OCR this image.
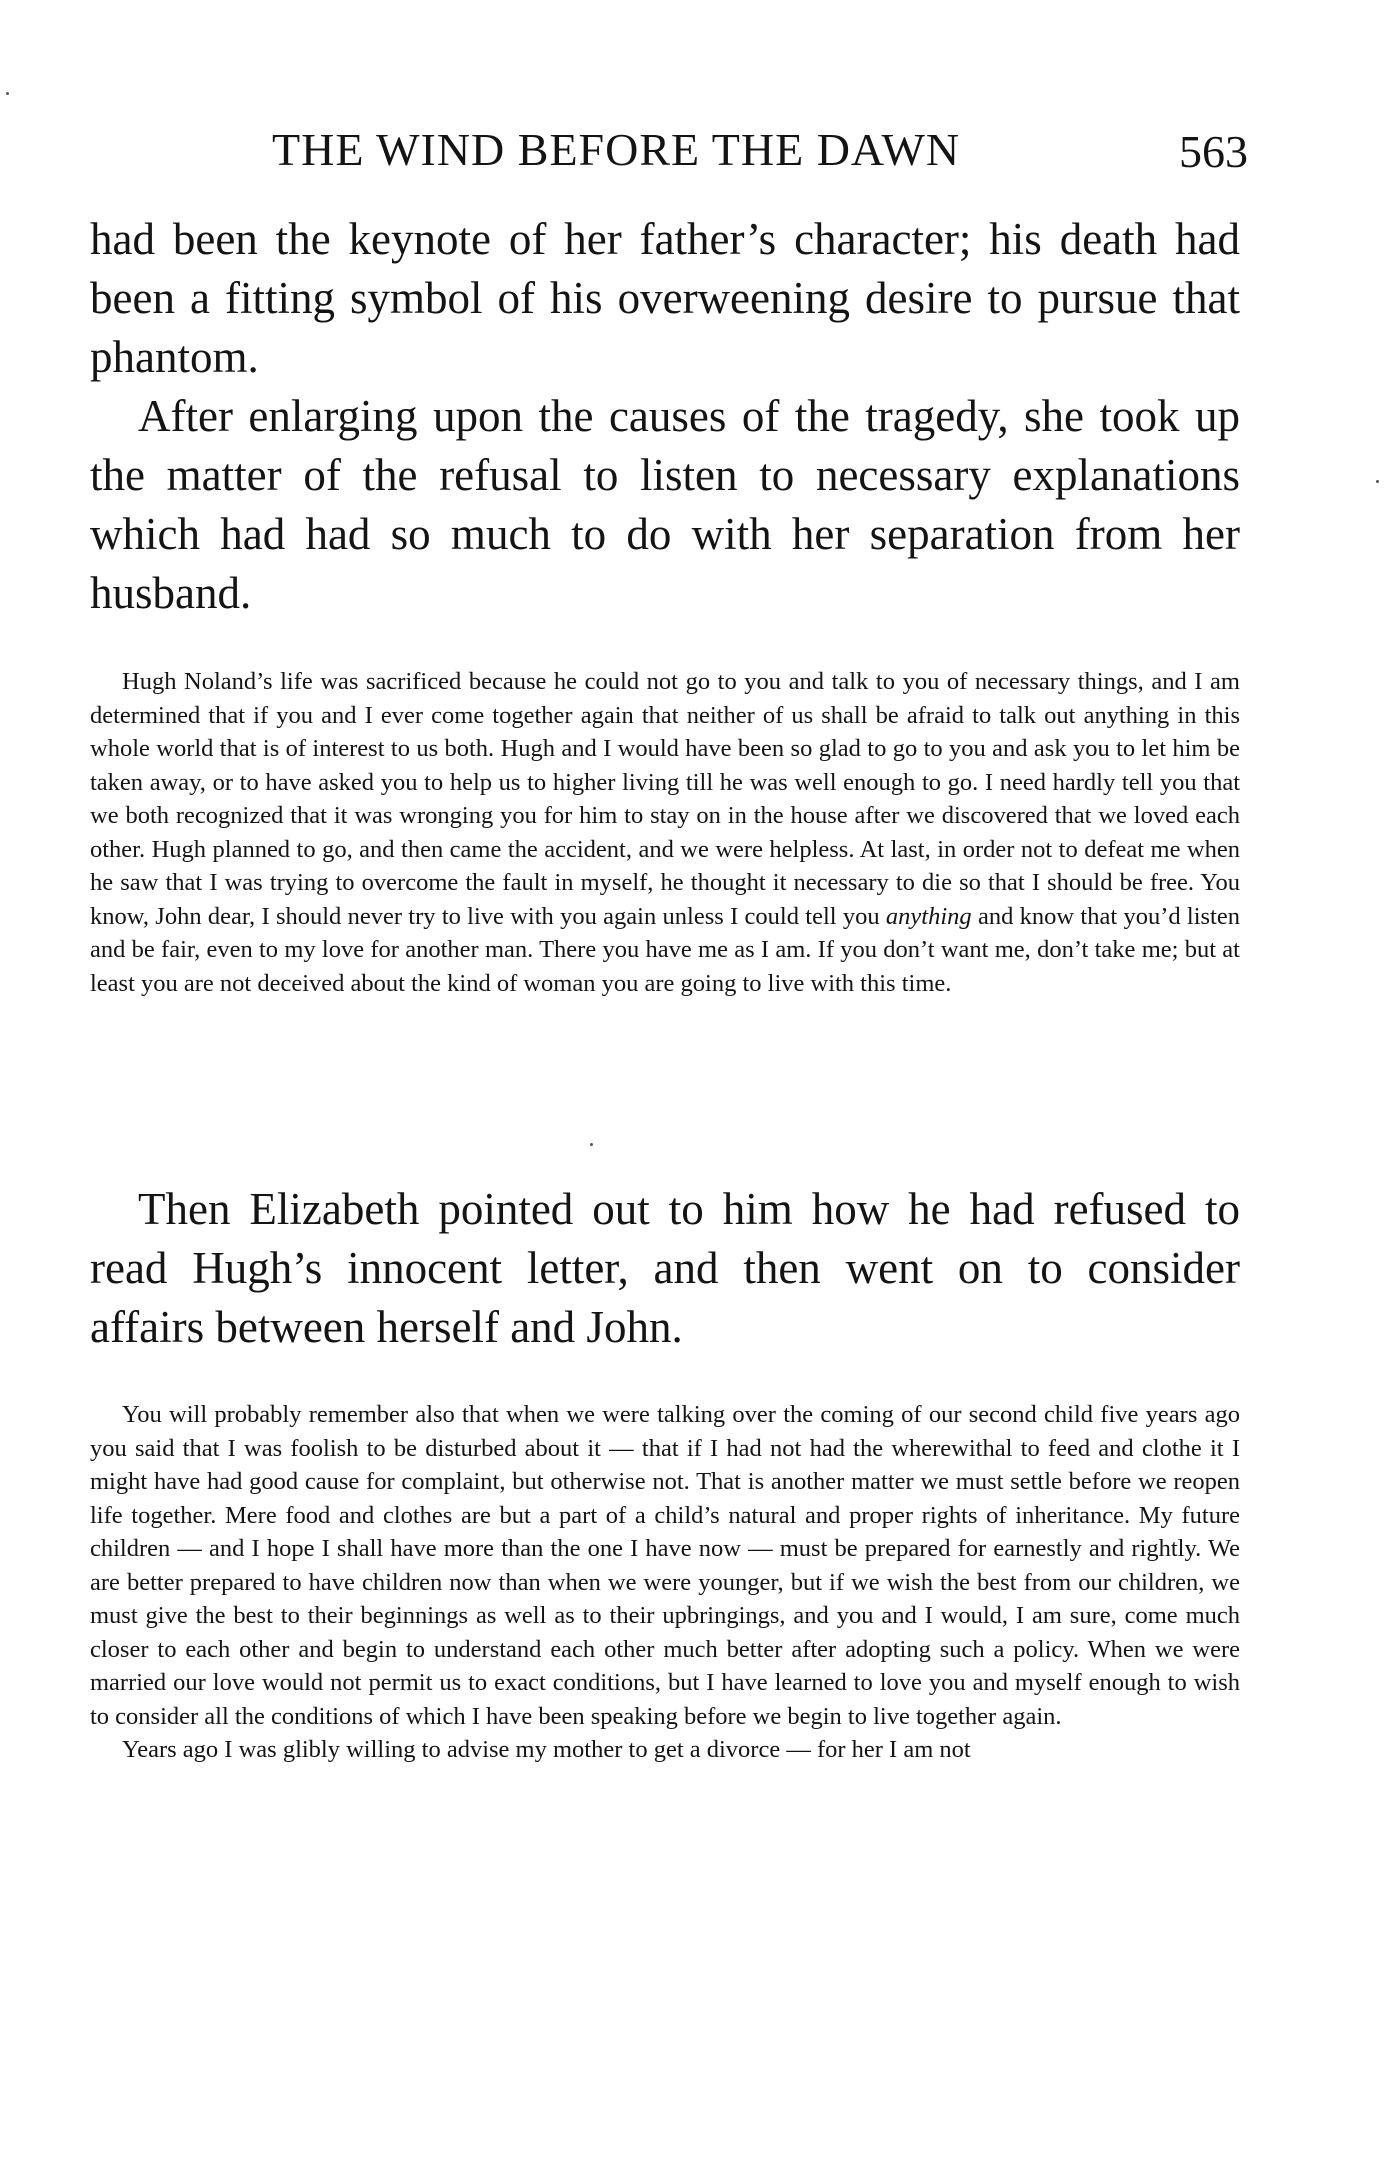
THE WIND BEFORE THE DAWN	563

had been the keynote of her father’s character; his death had been a fitting symbol of his overweening desire to pursue that phantom.

After enlarging upon the causes of the tragedy, she took up the matter of the refusal to listen to necessary explanations which had had so much to do with her separation from her husband.

Hugh Noland’s life was sacrificed because he could not go to you and talk to you of necessary things, and I am determined that if you and I ever come together again that neither of us shall be afraid to talk out anything in this whole world that is of interest to us both. Hugh and I would have been so glad to go to you and ask you to let him be taken away, or to have asked you to help us to higher living till he was well enough to go. I need hardly tell you that we both recognized that it was wronging you for him to stay on in the house after we discovered that we loved each other. Hugh planned to go, and then came the accident, and we were helpless. At last, in order not to defeat me when he saw that I was trying to overcome the fault in myself, he thought it necessary to die so that I should be free. You know, John dear, I should never try to live with you again unless I could tell you anything and know that you’d listen and be fair, even to my love for another man. There you have me as I am. If you don’t want me, don’t take me; but at least you are not deceived about the kind of woman you are going to live with this time.

Then Elizabeth pointed out to him how he had refused to read Hugh’s innocent letter, and then went on to consider affairs between herself and John.

You will probably remember also that when we were talking over the coming of our second child five years ago you said that I was foolish to be disturbed about it — that if I had not had the wherewithal to feed and clothe it I might have had good cause for complaint, but otherwise not. That is another matter we must settle before we reopen life together. Mere food and clothes are but a part of a child’s natural and proper rights of inheritance. My future children — and I hope I shall have more than the one I have now — must be prepared for earnestly and rightly. We are better prepared to have children now than when we were younger, but if we wish the best from our children, we must give the best to their beginnings as well as to their upbringings, and you and I would, I am sure, come much closer to each other and begin to understand each other much better after adopting such a policy. When we were married our love would not permit us to exact conditions, but I have learned to love you and myself enough to wish to consider all the conditions of which I have been speaking before we begin to live together again.

Years ago I was glibly willing to advise my mother to get a divorce — for her I am not
